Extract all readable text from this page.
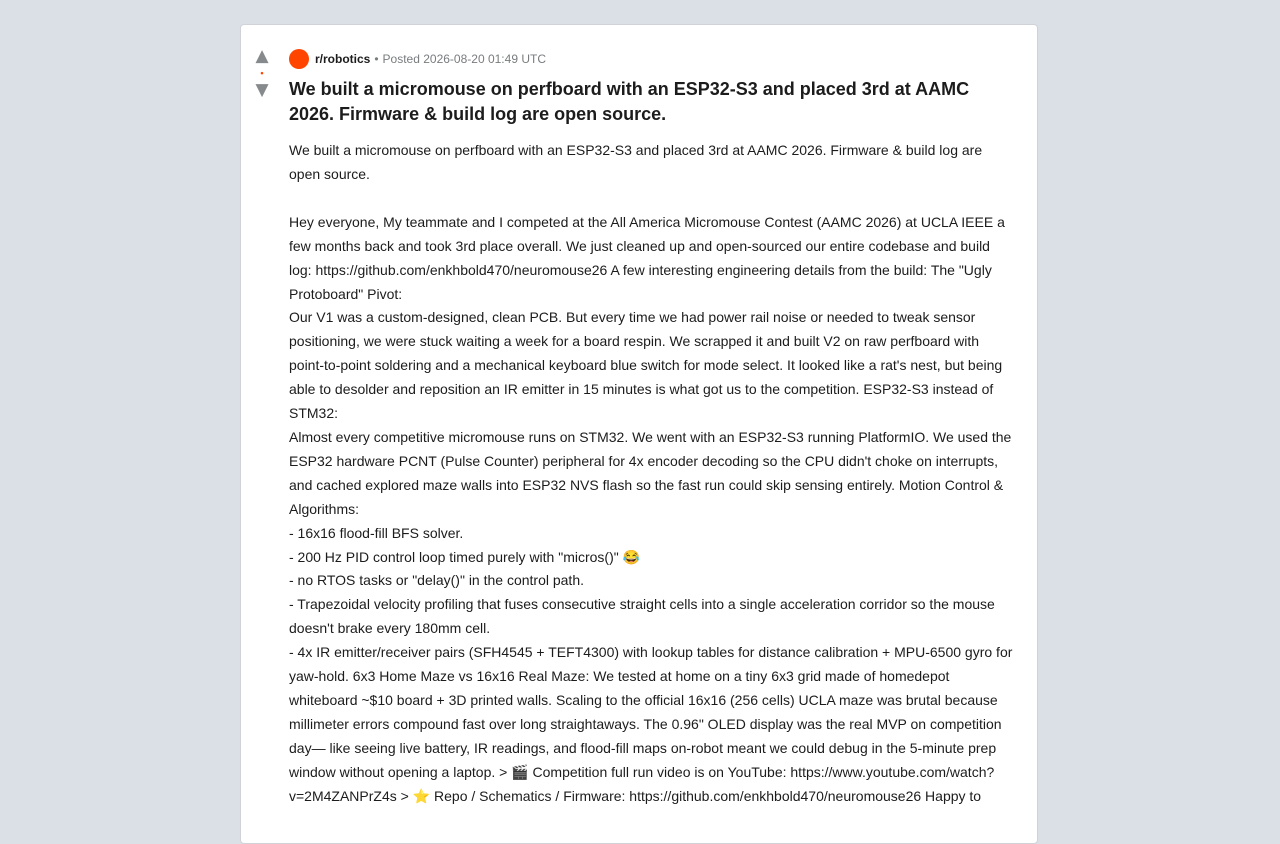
▲
•
▼
r/robotics • Posted 2026-08-20 01:49 UTC
We built a micromouse on perfboard with an ESP32-S3 and placed 3rd at AAMC 2026. Firmware & build log are open source.

We built a micromouse on perfboard with an ESP32-S3 and placed 3rd at AAMC 2026. Firmware & build log are open source.

Hey everyone, My teammate and I competed at the All America Micromouse Contest (AAMC 2026) at UCLA IEEE a few months back and took 3rd place overall. We just cleaned up and open-sourced our entire codebase and build log: https://github.com/enkhbold470/neuromouse26 A few interesting engineering details from the build: The "Ugly Protoboard" Pivot:

Our V1 was a custom-designed, clean PCB. But every time we had power rail noise or needed to tweak sensor positioning, we were stuck waiting a week for a board respin. We scrapped it and built V2 on raw perfboard with point-to-point soldering and a mechanical keyboard blue switch for mode select. It looked like a rat's nest, but being able to desolder and reposition an IR emitter in 15 minutes is what got us to the competition. ESP32-S3 instead of STM32:

Almost every competitive micromouse runs on STM32. We went with an ESP32-S3 running PlatformIO. We used the ESP32 hardware PCNT (Pulse Counter) peripheral for 4x encoder decoding so the CPU didn't choke on interrupts, and cached explored maze walls into ESP32 NVS flash so the fast run could skip sensing entirely. Motion Control & Algorithms:

- 16x16 flood-fill BFS solver.

- 200 Hz PID control loop timed purely with "micros()" 😂

- no RTOS tasks or "delay()" in the control path.

- Trapezoidal velocity profiling that fuses consecutive straight cells into a single acceleration corridor so the mouse doesn't brake every 180mm cell.

- 4x IR emitter/receiver pairs (SFH4545 + TEFT4300) with lookup tables for distance calibration + MPU-6500 gyro for yaw-hold. 6x3 Home Maze vs 16x16 Real Maze: We tested at home on a tiny 6x3 grid made of homedepot whiteboard ~$10 board + 3D printed walls. Scaling to the official 16x16 (256 cells) UCLA maze was brutal because millimeter errors compound fast over long straightaways. The 0.96" OLED display was the real MVP on competition day— like seeing live battery, IR readings, and flood-fill maps on-robot meant we could debug in the 5-minute prep window without opening a laptop. > 🎬 Competition full run video is on YouTube: https://www.youtube.com/watch?v=2M4ZANPrZ4s > ⭐ Repo / Schematics / Firmware: https://github.com/enkhbold470/neuromouse26 Happy to
